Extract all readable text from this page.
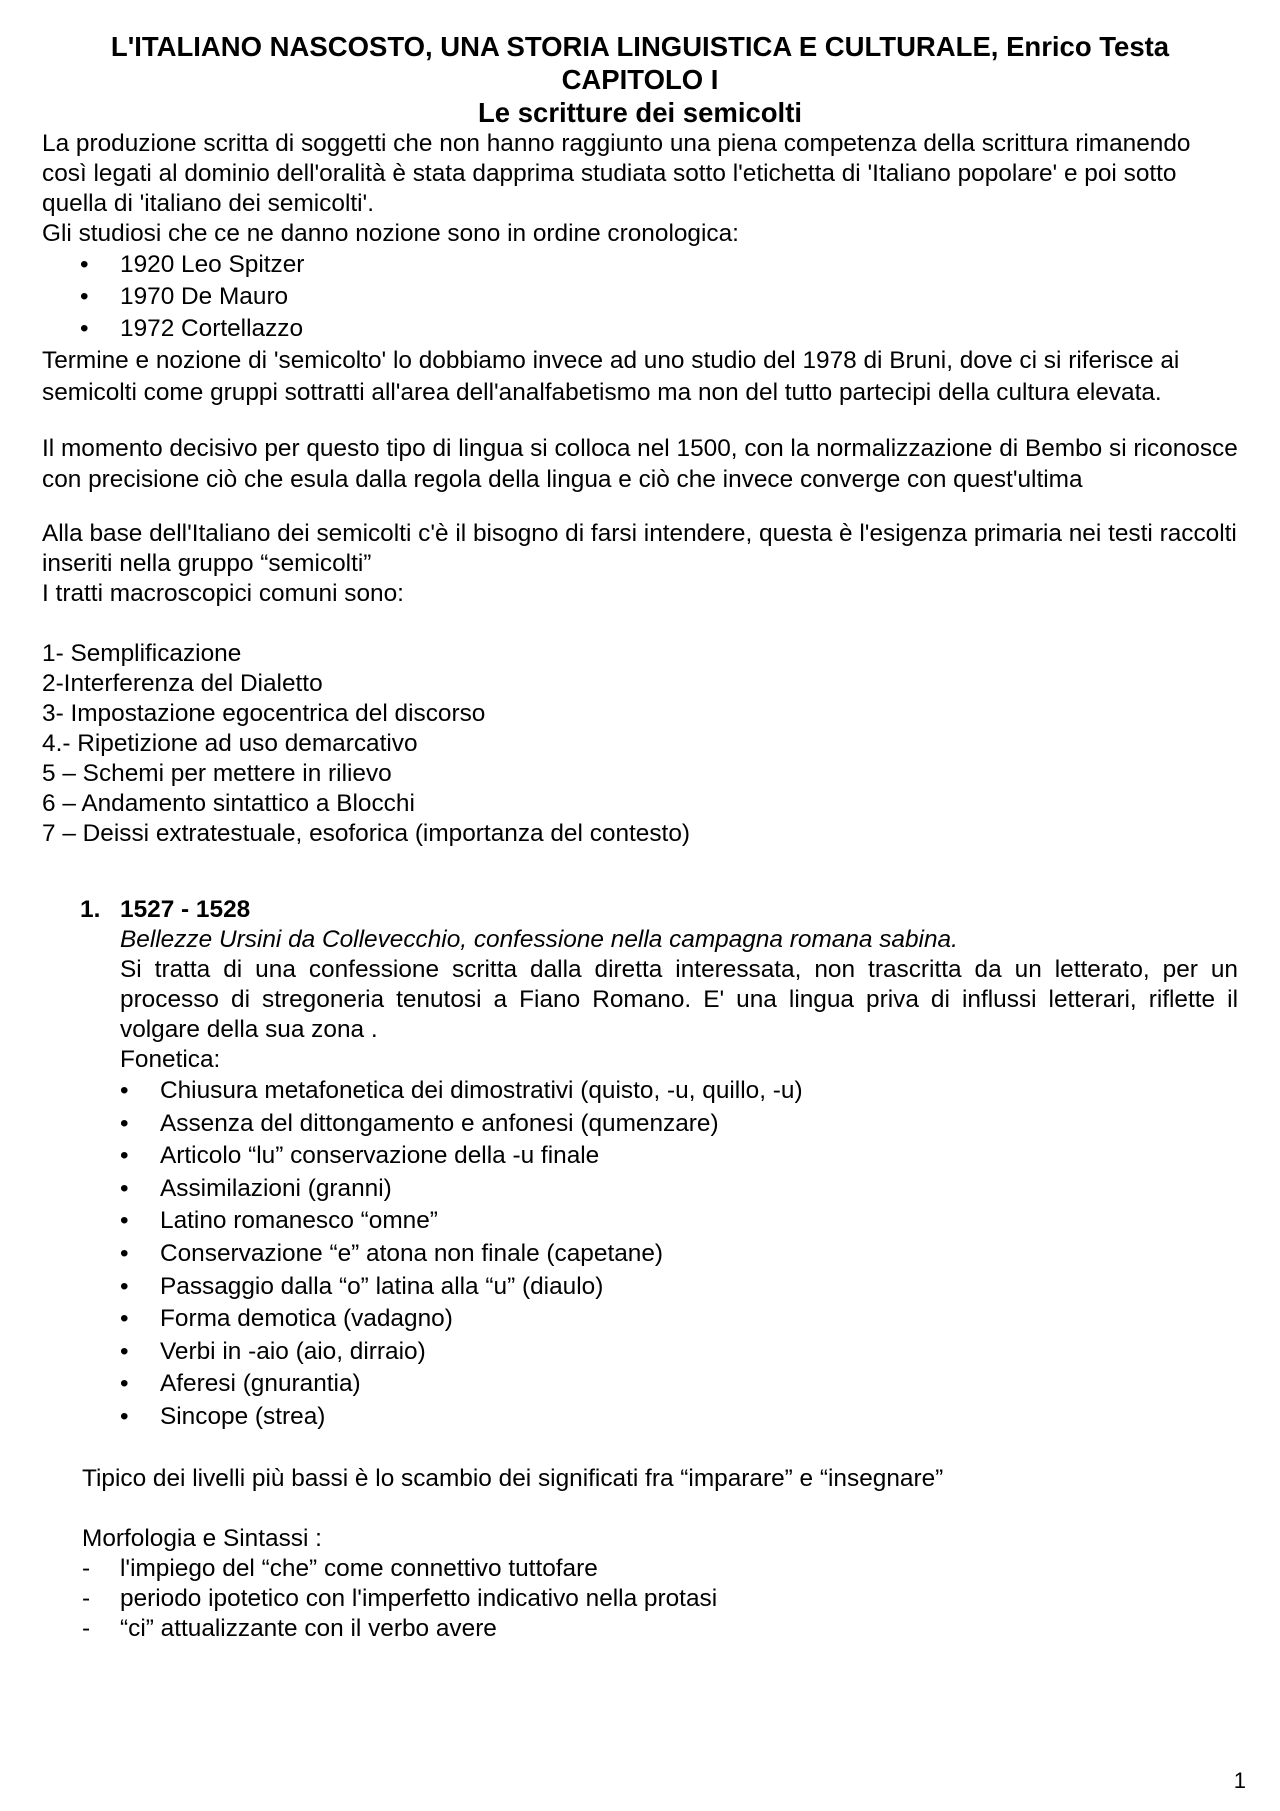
L'ITALIANO NASCOSTO, UNA STORIA LINGUISTICA E CULTURALE, Enrico Testa
CAPITOLO I
Le scritture dei semicolti

La produzione scritta di soggetti che non hanno raggiunto una piena competenza della scrittura rimanendo così legati al dominio dell'oralità è stata dapprima studiata sotto l'etichetta di 'Italiano popolare' e poi sotto quella di 'italiano dei semicolti'.

Gli studiosi che ce ne danno nozione sono in ordine cronologica:

• 1920 Leo Spitzer
• 1970 De Mauro
• 1972 Cortellazzo

Termine e nozione di 'semicolto' lo dobbiamo invece ad uno studio del 1978 di Bruni, dove ci si riferisce ai semicolti come gruppi sottratti all'area dell'analfabetismo ma non del tutto partecipi della cultura elevata.

Il momento decisivo per questo tipo di lingua si colloca nel 1500, con la normalizzazione di Bembo si riconosce con precisione ciò che esula dalla regola della lingua e ciò che invece converge con quest'ultima

Alla base dell'Italiano dei semicolti c'è il bisogno di farsi intendere, questa è l'esigenza primaria nei testi raccolti inseriti nella gruppo “semicolti”

I tratti macroscopici comuni sono:

1- Semplificazione

2-Interferenza del Dialetto

3- Impostazione egocentrica del discorso

4.- Ripetizione ad uso demarcativo

5 – Schemi per mettere in rilievo

6 – Andamento sintattico a Blocchi

7 – Deissi extratestuale, esoforica (importanza del contesto)

1. 1527 - 1528
Bellezze Ursini da Collevecchio, confessione nella campagna romana sabina.
Si tratta di una confessione scritta dalla diretta interessata, non trascritta da un letterato, per un processo di stregoneria tenutosi a Fiano Romano. E' una lingua priva di influssi letterari, riflette il volgare della sua zona .
Fonetica:
• Chiusura metafonetica dei dimostrativi (quisto, -u, quillo, -u)
• Assenza del dittongamento e anfonesi (qumenzare)
• Articolo “lu” conservazione della -u finale
• Assimilazioni (granni)
• Latino romanesco “omne”
• Conservazione “e” atona non finale (capetane)
• Passaggio dalla “o” latina alla “u” (diaulo)
• Forma demotica (vadagno)
• Verbi in -aio (aio, dirraio)
• Aferesi (gnurantia)
• Sincope (strea)

Tipico dei livelli più bassi è lo scambio dei significati fra “imparare” e “insegnare”

Morfologia e Sintassi :

- l'impiego del “che” come connettivo tuttofare
- periodo ipotetico con l'imperfetto indicativo nella protasi
- “ci” attualizzante con il verbo avere
1
